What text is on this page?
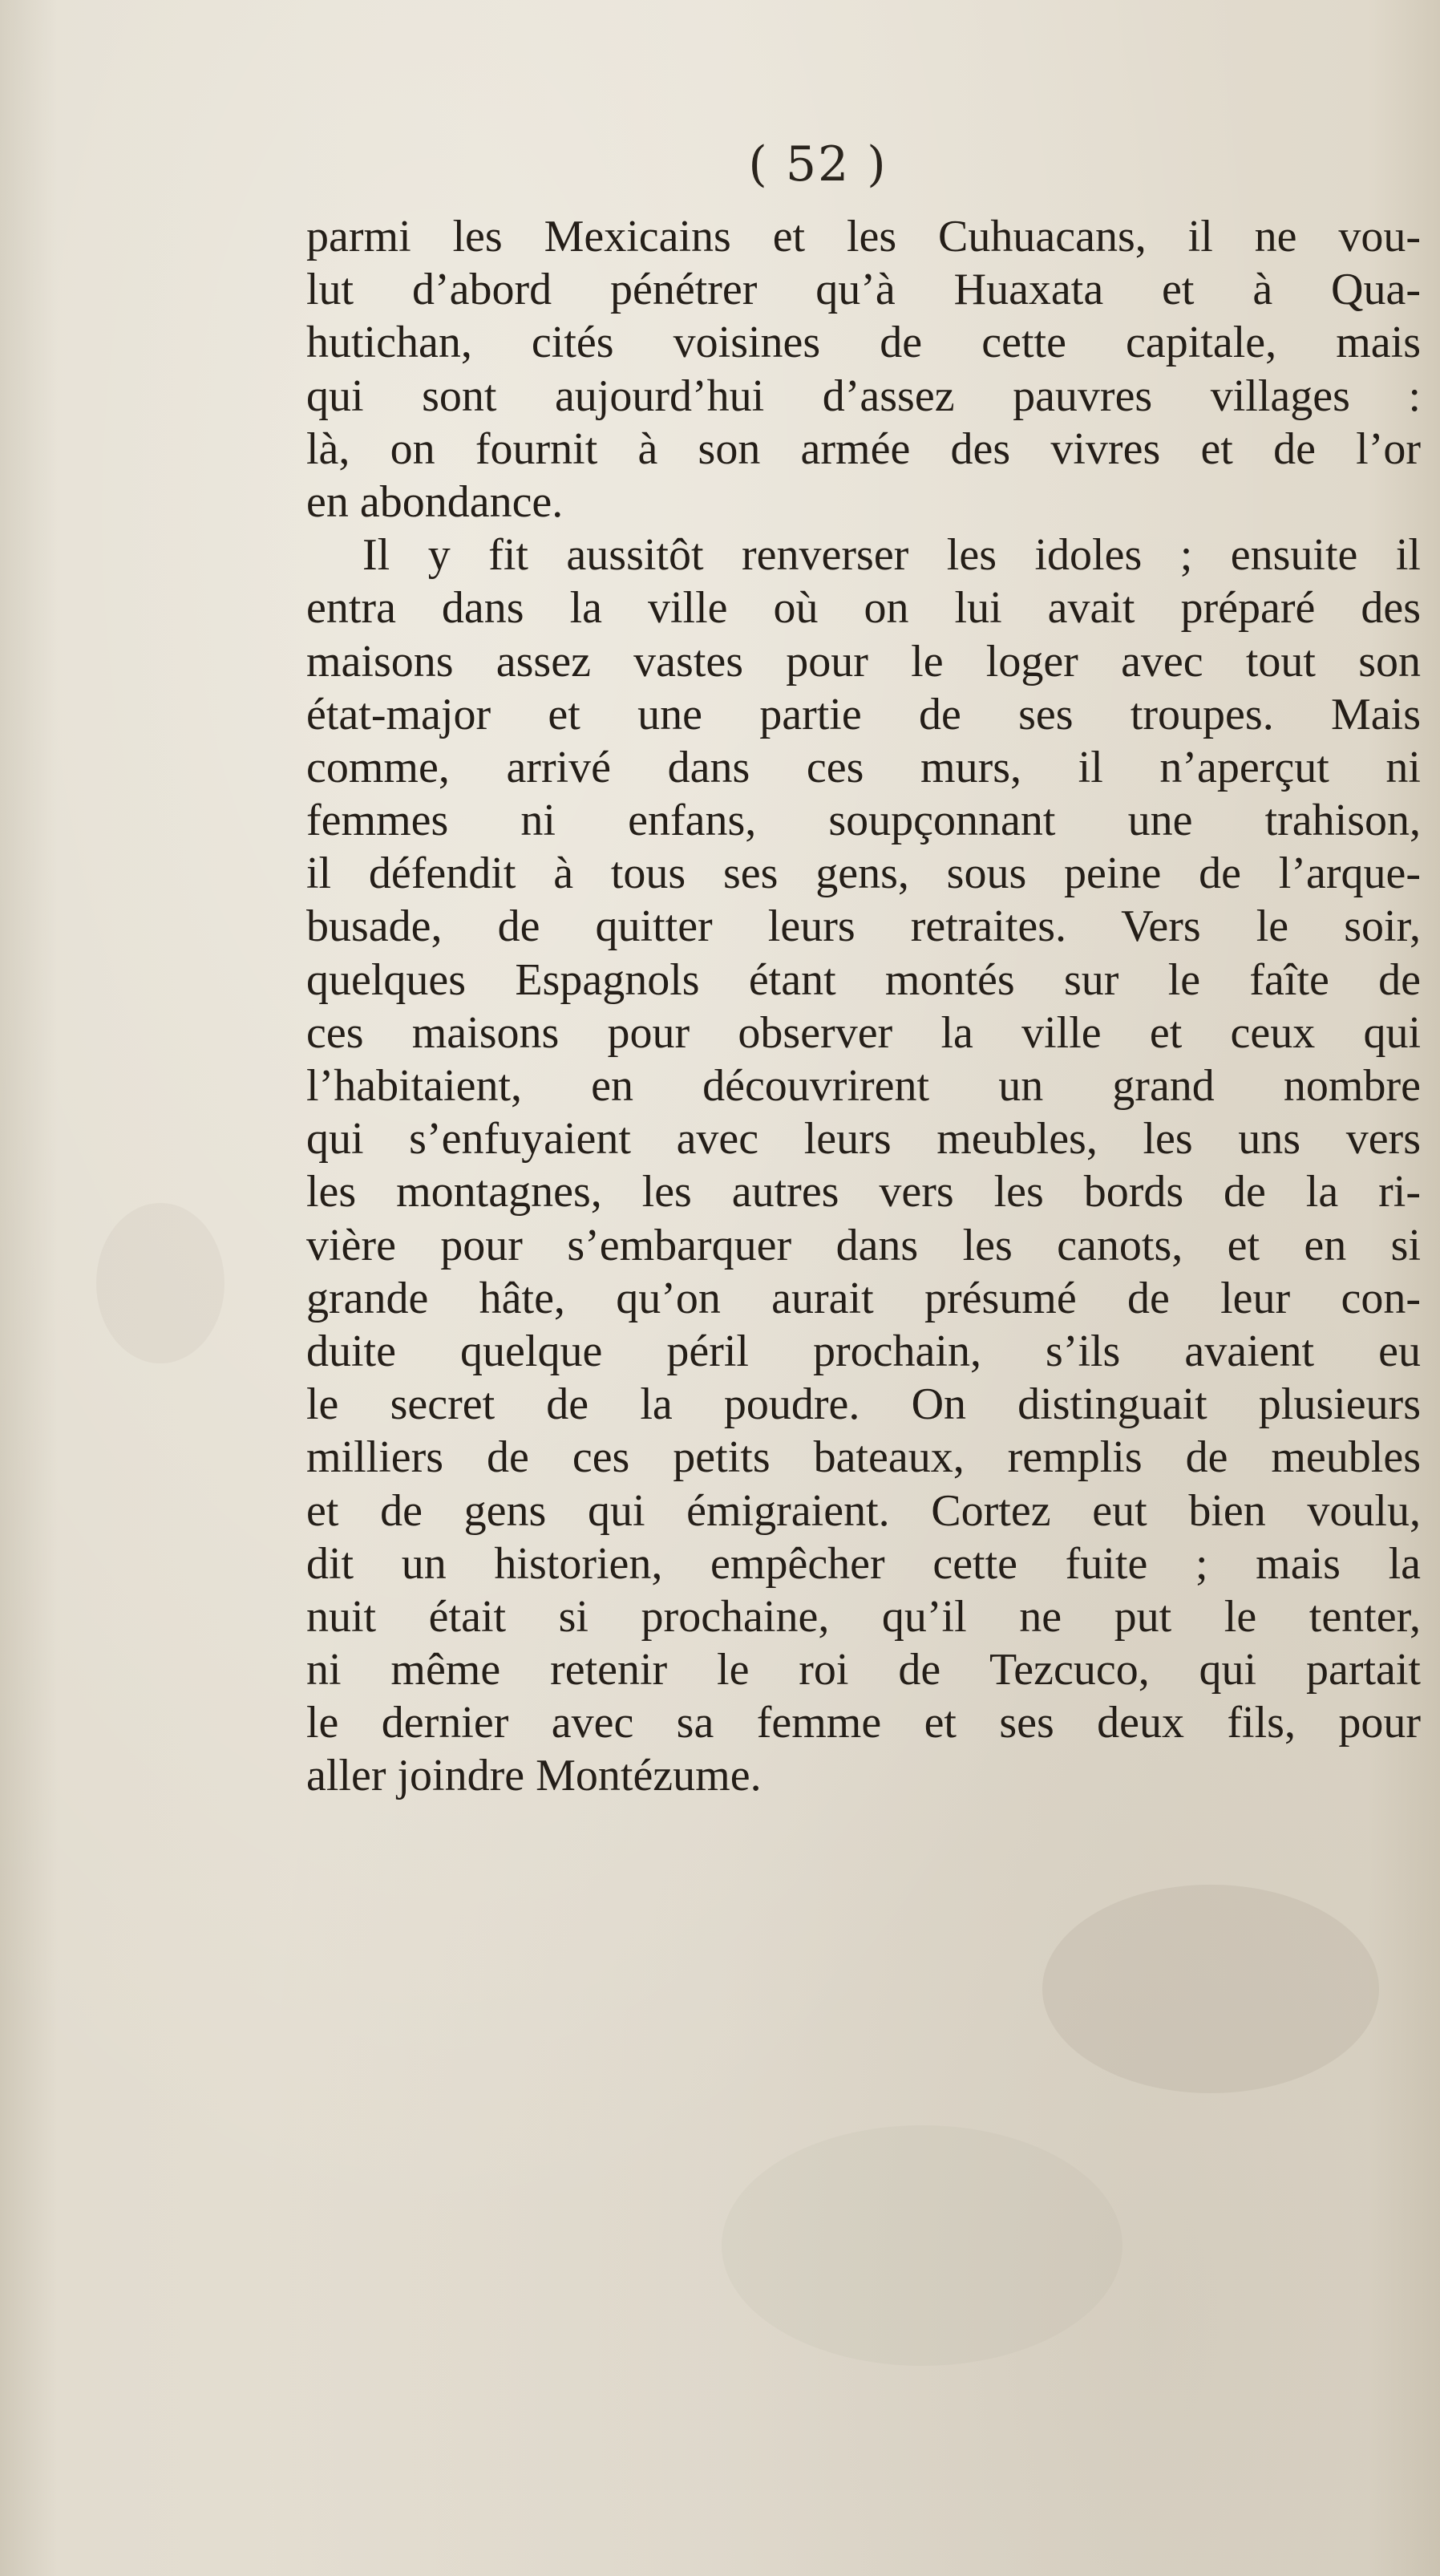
( 52 )
parmi les Mexicains et les Cuhuacans, il ne vou-
lut d’abord pénétrer qu’à Huaxata et à Qua-
hutichan, cités voisines de cette capitale, mais
qui sont aujourd’hui d’assez pauvres villages :
là, on fournit à son armée des vivres et de l’or
en abondance.
Il y fit aussitôt renverser les idoles ; ensuite il
entra dans la ville où on lui avait préparé des
maisons assez vastes pour le loger avec tout son
état-major et une partie de ses troupes. Mais
comme, arrivé dans ces murs, il n’aperçut ni
femmes ni enfans, soupçonnant une trahison,
il défendit à tous ses gens, sous peine de l’arque-
busade, de quitter leurs retraites. Vers le soir,
quelques Espagnols étant montés sur le faîte de
ces maisons pour observer la ville et ceux qui
l’habitaient, en découvrirent un grand nombre
qui s’enfuyaient avec leurs meubles, les uns vers
les montagnes, les autres vers les bords de la ri-
vière pour s’embarquer dans les canots, et en si
grande hâte, qu’on aurait présumé de leur con-
duite quelque péril prochain, s’ils avaient eu
le secret de la poudre. On distinguait plusieurs
milliers de ces petits bateaux, remplis de meubles
et de gens qui émigraient. Cortez eut bien voulu,
dit un historien, empêcher cette fuite ; mais la
nuit était si prochaine, qu’il ne put le tenter,
ni même retenir le roi de Tezcuco, qui partait
le dernier avec sa femme et ses deux fils, pour
aller joindre Montézume.
